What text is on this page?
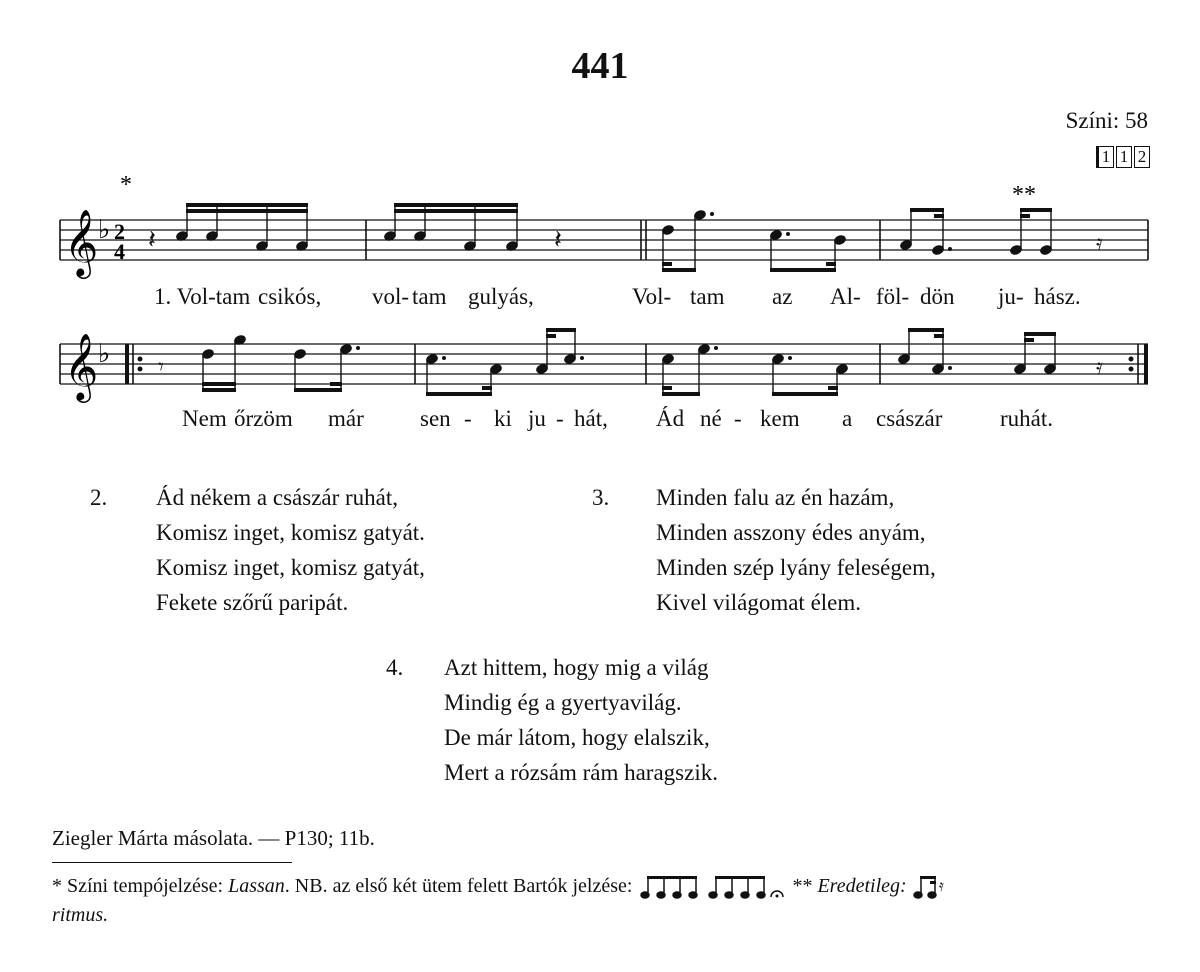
441
Színi: 58
1 1 2
𝄞
𝄞
♭
♭
2
4
*	**
𝄽	𝄽	𝄿
𝄾	𝄿
1. Vol-tam csikós, vol- tam gulyás,	Vol- tam az Al- föl- dön ju- hász.
Nem őrzöm már sen - ki ju - hát, Ád né - kem a császár	ruhát.
2. Ád nékem a császár ruhát,
Komisz inget, komisz gatyát.
Komisz inget, komisz gatyát,
Fekete szőrű paripát.
3. Minden falu az én hazám,
Minden asszony édes anyám,
Minden szép lyány feleségem,
Kivel világomat élem.
4. Azt hittem, hogy mig a világ
Mindig ég a gyertyavilág.
De már látom, hogy elalszik,
Mert a rózsám rám haragszik.
Ziegler Márta másolata. — P130; 11b.
* Színi tempójelzése: Lassan. NB. az első két ütem felett Bartók jelzése:	** Eredetileg: 𝄿

ritmus.
